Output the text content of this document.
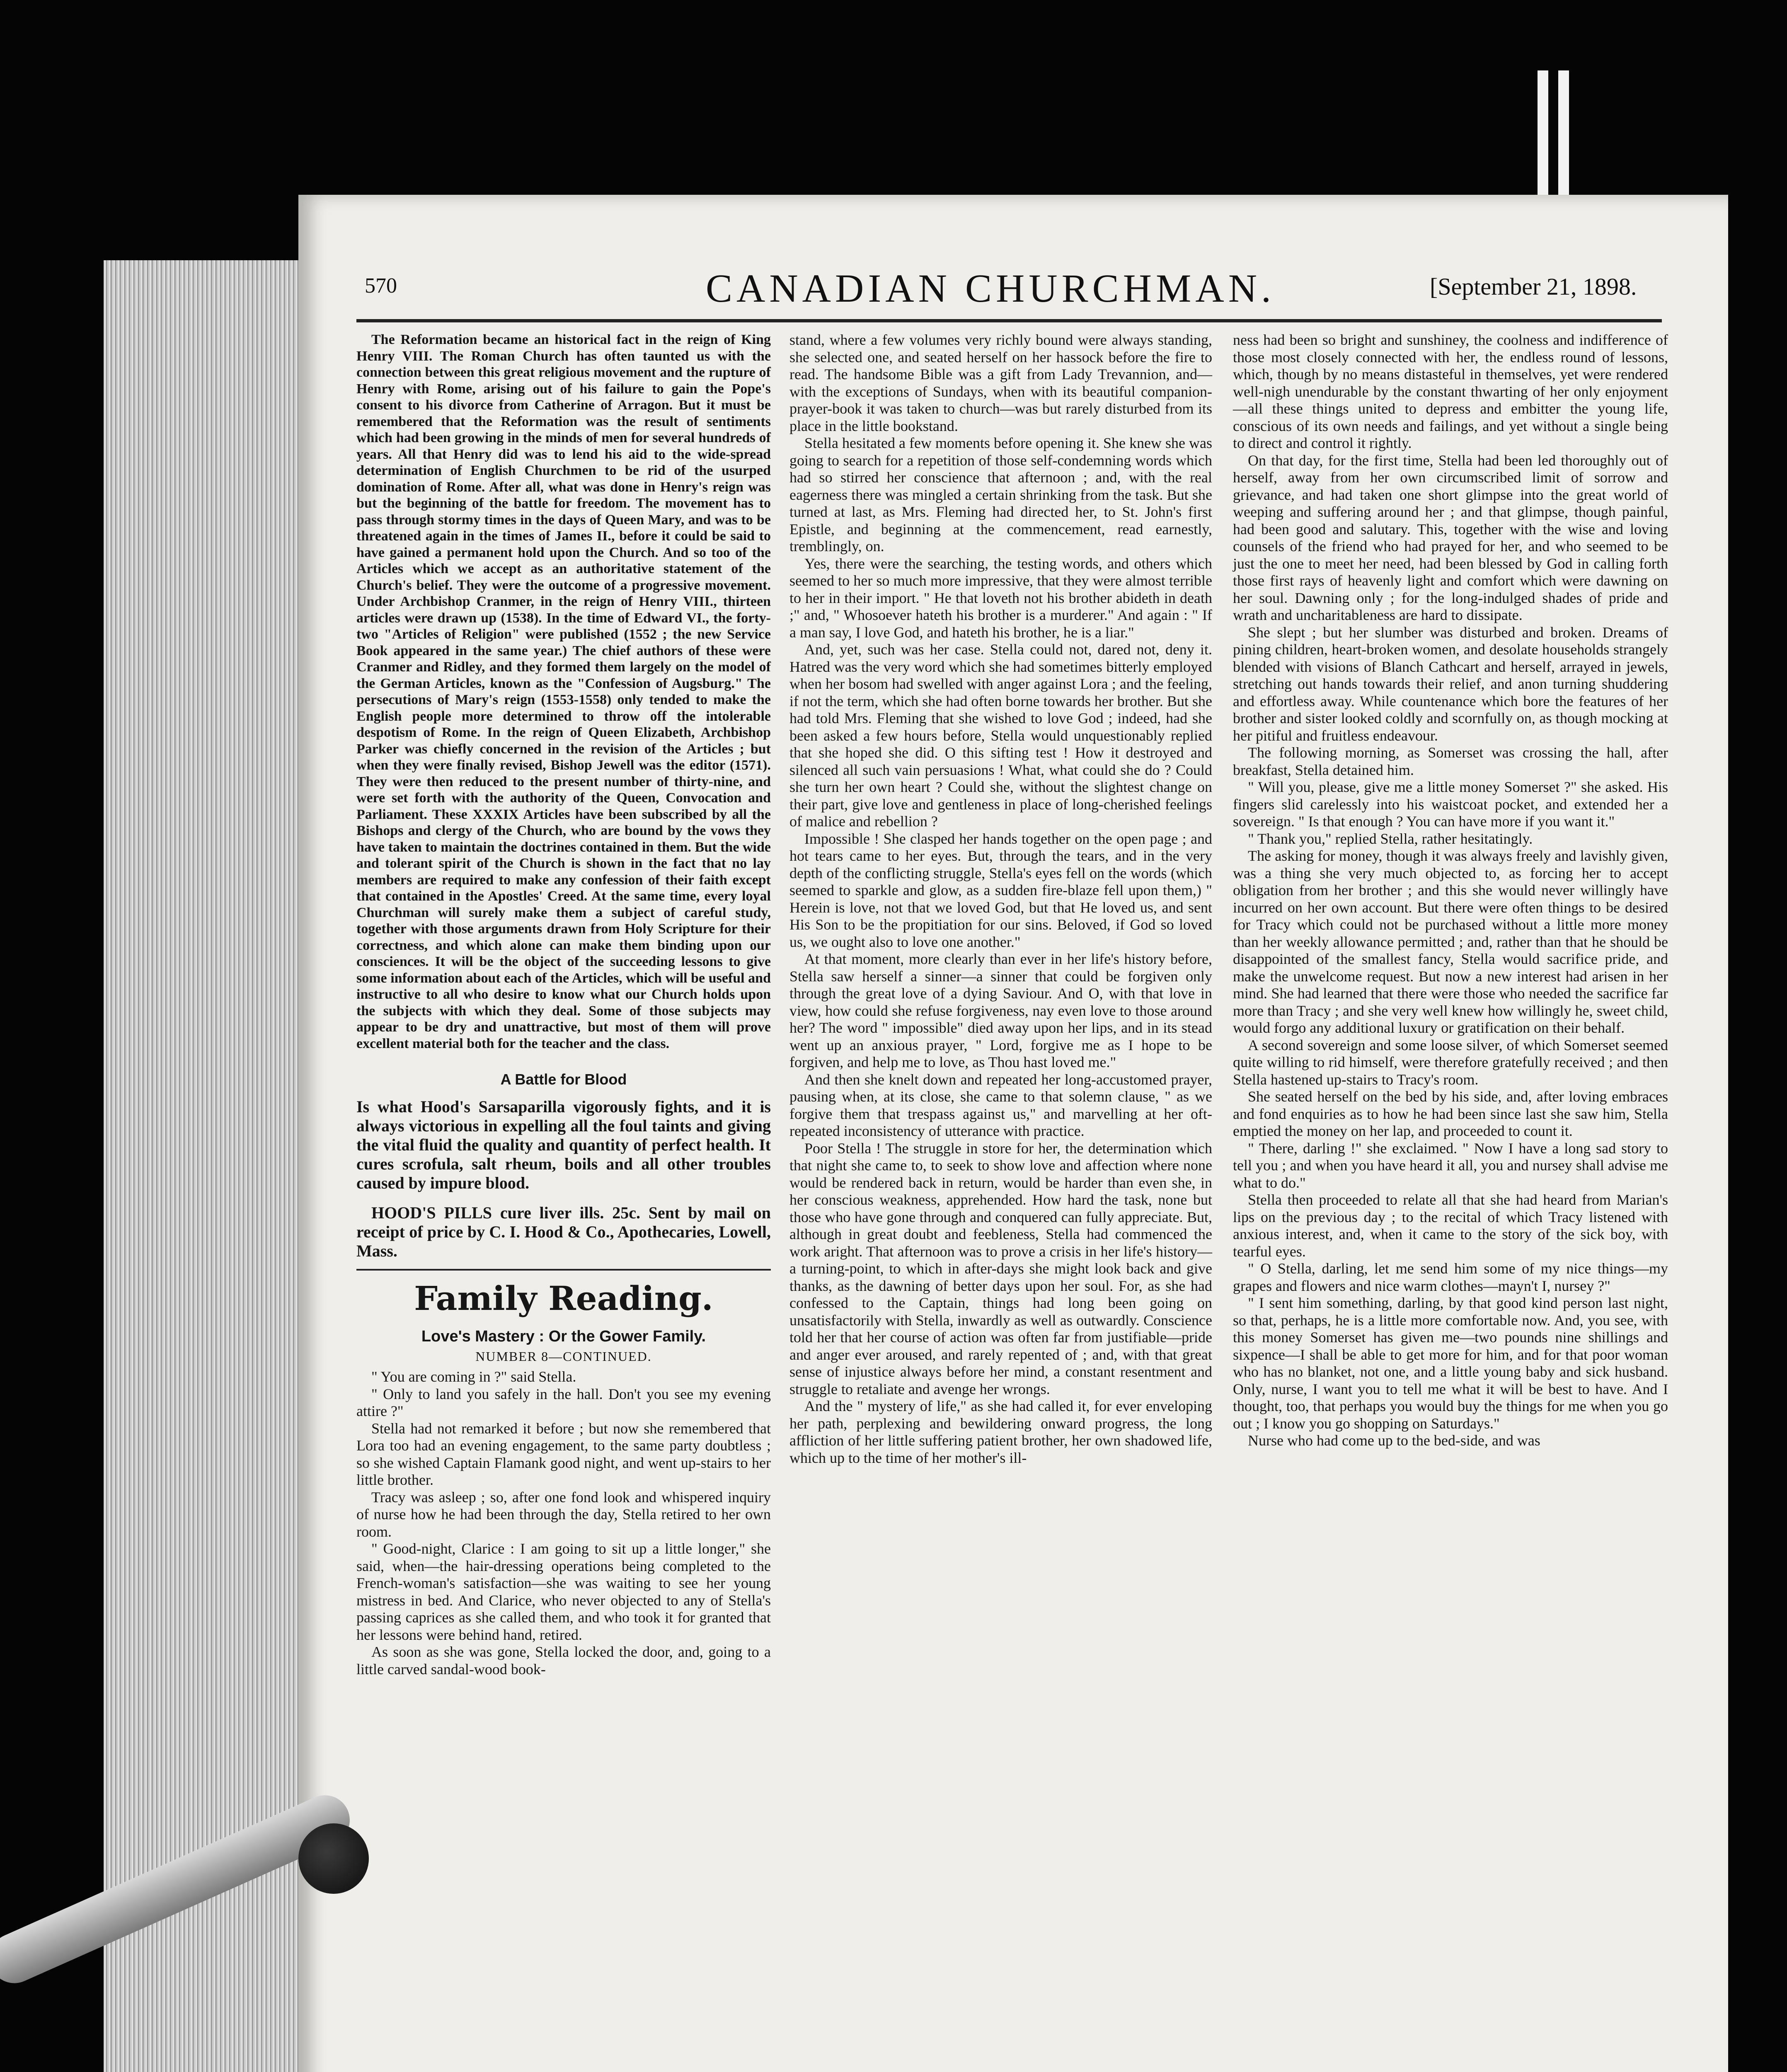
570	CANADIAN CHURCHMAN.	[September 21, 1898.

The Reformation became an historical fact in the reign of King Henry VIII. The Roman Church has often taunted us with the connection between this great religious movement and the rupture of Henry with Rome, arising out of his failure to gain the Pope's consent to his divorce from Catherine of Arragon. But it must be remembered that the Reformation was the result of sentiments which had been growing in the minds of men for several hundreds of years. All that Henry did was to lend his aid to the wide-spread determination of English Churchmen to be rid of the usurped domination of Rome. After all, what was done in Henry's reign was but the beginning of the battle for freedom. The movement has to pass through stormy times in the days of Queen Mary, and was to be threatened again in the times of James II., before it could be said to have gained a permanent hold upon the Church. And so too of the Articles which we accept as an authoritative statement of the Church's belief. They were the outcome of a progressive movement. Under Archbishop Cranmer, in the reign of Henry VIII., thirteen articles were drawn up (1538). In the time of Edward VI., the forty-two "Articles of Religion" were published (1552 ; the new Service Book appeared in the same year.) The chief authors of these were Cranmer and Ridley, and they formed them largely on the model of the German Articles, known as the "Confession of Augsburg." The persecutions of Mary's reign (1553-1558) only tended to make the English people more determined to throw off the intolerable despotism of Rome. In the reign of Queen Elizabeth, Archbishop Parker was chiefly concerned in the revision of the Articles ; but when they were finally revised, Bishop Jewell was the editor (1571). They were then reduced to the present number of thirty-nine, and were set forth with the authority of the Queen, Convocation and Parliament. These XXXIX Articles have been subscribed by all the Bishops and clergy of the Church, who are bound by the vows they have taken to maintain the doctrines contained in them. But the wide and tolerant spirit of the Church is shown in the fact that no lay members are required to make any confession of their faith except that contained in the Apostles' Creed. At the same time, every loyal Churchman will surely make them a subject of careful study, together with those arguments drawn from Holy Scripture for their correctness, and which alone can make them binding upon our consciences. It will be the object of the succeeding lessons to give some information about each of the Articles, which will be useful and instructive to all who desire to know what our Church holds upon the subjects with which they deal. Some of those subjects may appear to be dry and unattractive, but most of them will prove excellent material both for the teacher and the class.

A Battle for Blood

Is what Hood's Sarsaparilla vigorously fights, and it is always victorious in expelling all the foul taints and giving the vital fluid the quality and quantity of perfect health. It cures scrofula, salt rheum, boils and all other troubles caused by impure blood.

HOOD'S PILLS cure liver ills. 25c. Sent by mail on receipt of price by C. I. Hood & Co., Apothecaries, Lowell, Mass.

Family Reading.
Love's Mastery : Or the Gower Family.
NUMBER 8—CONTINUED.

" You are coming in ?" said Stella.

" Only to land you safely in the hall. Don't you see my evening attire ?"

Stella had not remarked it before ; but now she remembered that Lora too had an evening engagement, to the same party doubtless ; so she wished Captain Flamank good night, and went up-stairs to her little brother.

Tracy was asleep ; so, after one fond look and whispered inquiry of nurse how he had been through the day, Stella retired to her own room.

" Good-night, Clarice : I am going to sit up a little longer," she said, when—the hair-dressing operations being completed to the French-woman's satisfaction—she was waiting to see her young mistress in bed. And Clarice, who never objected to any of Stella's passing caprices as she called them, and who took it for granted that her lessons were behind hand, retired.

As soon as she was gone, Stella locked the door, and, going to a little carved sandal-wood book-

stand, where a few volumes very richly bound were always standing, she selected one, and seated herself on her hassock before the fire to read. The handsome Bible was a gift from Lady Trevannion, and—with the exceptions of Sundays, when with its beautiful companion-prayer-book it was taken to church—was but rarely disturbed from its place in the little bookstand.

Stella hesitated a few moments before opening it. She knew she was going to search for a repetition of those self-condemning words which had so stirred her conscience that afternoon ; and, with the real eagerness there was mingled a certain shrinking from the task. But she turned at last, as Mrs. Fleming had directed her, to St. John's first Epistle, and beginning at the commencement, read earnestly, tremblingly, on.

Yes, there were the searching, the testing words, and others which seemed to her so much more impressive, that they were almost terrible to her in their import. " He that loveth not his brother abideth in death ;" and, " Whosoever hateth his brother is a murderer." And again : " If a man say, I love God, and hateth his brother, he is a liar."

And, yet, such was her case. Stella could not, dared not, deny it. Hatred was the very word which she had sometimes bitterly employed when her bosom had swelled with anger against Lora ; and the feeling, if not the term, which she had often borne towards her brother. But she had told Mrs. Fleming that she wished to love God ; indeed, had she been asked a few hours before, Stella would unquestionably replied that she hoped she did. O this sifting test ! How it destroyed and silenced all such vain persuasions ! What, what could she do ? Could she turn her own heart ? Could she, without the slightest change on their part, give love and gentleness in place of long-cherished feelings of malice and rebellion ?

Impossible ! She clasped her hands together on the open page ; and hot tears came to her eyes. But, through the tears, and in the very depth of the conflicting struggle, Stella's eyes fell on the words (which seemed to sparkle and glow, as a sudden fire-blaze fell upon them,) " Herein is love, not that we loved God, but that He loved us, and sent His Son to be the propitiation for our sins. Beloved, if God so loved us, we ought also to love one another."

At that moment, more clearly than ever in her life's history before, Stella saw herself a sinner—a sinner that could be forgiven only through the great love of a dying Saviour. And O, with that love in view, how could she refuse forgiveness, nay even love to those around her? The word " impossible" died away upon her lips, and in its stead went up an anxious prayer, " Lord, forgive me as I hope to be forgiven, and help me to love, as Thou hast loved me."

And then she knelt down and repeated her long-accustomed prayer, pausing when, at its close, she came to that solemn clause, " as we forgive them that trespass against us," and marvelling at her oft-repeated inconsistency of utterance with practice.

Poor Stella ! The struggle in store for her, the determination which that night she came to, to seek to show love and affection where none would be rendered back in return, would be harder than even she, in her conscious weakness, apprehended. How hard the task, none but those who have gone through and conquered can fully appreciate. But, although in great doubt and feebleness, Stella had commenced the work aright. That afternoon was to prove a crisis in her life's history—a turning-point, to which in after-days she might look back and give thanks, as the dawning of better days upon her soul. For, as she had confessed to the Captain, things had long been going on unsatisfactorily with Stella, inwardly as well as outwardly. Conscience told her that her course of action was often far from justifiable—pride and anger ever aroused, and rarely repented of ; and, with that great sense of injustice always before her mind, a constant resentment and struggle to retaliate and avenge her wrongs.

And the " mystery of life," as she had called it, for ever enveloping her path, perplexing and bewildering onward progress, the long affliction of her little suffering patient brother, her own shadowed life, which up to the time of her mother's ill-

ness had been so bright and sunshiney, the coolness and indifference of those most closely connected with her, the endless round of lessons, which, though by no means distasteful in themselves, yet were rendered well-nigh unendurable by the constant thwarting of her only enjoyment—all these things united to depress and embitter the young life, conscious of its own needs and failings, and yet without a single being to direct and control it rightly.

On that day, for the first time, Stella had been led thoroughly out of herself, away from her own circumscribed limit of sorrow and grievance, and had taken one short glimpse into the great world of weeping and suffering around her ; and that glimpse, though painful, had been good and salutary. This, together with the wise and loving counsels of the friend who had prayed for her, and who seemed to be just the one to meet her need, had been blessed by God in calling forth those first rays of heavenly light and comfort which were dawning on her soul. Dawning only ; for the long-indulged shades of pride and wrath and uncharitableness are hard to dissipate.

She slept ; but her slumber was disturbed and broken. Dreams of pining children, heart-broken women, and desolate households strangely blended with visions of Blanch Cathcart and herself, arrayed in jewels, stretching out hands towards their relief, and anon turning shuddering and effortless away. While countenance which bore the features of her brother and sister looked coldly and scornfully on, as though mocking at her pitiful and fruitless endeavour.

The following morning, as Somerset was crossing the hall, after breakfast, Stella detained him.

" Will you, please, give me a little money Somerset ?" she asked. His fingers slid carelessly into his waistcoat pocket, and extended her a sovereign. " Is that enough ? You can have more if you want it."

" Thank you," replied Stella, rather hesitatingly.

The asking for money, though it was always freely and lavishly given, was a thing she very much objected to, as forcing her to accept obligation from her brother ; and this she would never willingly have incurred on her own account. But there were often things to be desired for Tracy which could not be purchased without a little more money than her weekly allowance permitted ; and, rather than that he should be disappointed of the smallest fancy, Stella would sacrifice pride, and make the unwelcome request. But now a new interest had arisen in her mind. She had learned that there were those who needed the sacrifice far more than Tracy ; and she very well knew how willingly he, sweet child, would forgo any additional luxury or gratification on their behalf.

A second sovereign and some loose silver, of which Somerset seemed quite willing to rid himself, were therefore gratefully received ; and then Stella hastened up-stairs to Tracy's room.

She seated herself on the bed by his side, and, after loving embraces and fond enquiries as to how he had been since last she saw him, Stella emptied the money on her lap, and proceeded to count it.

" There, darling !" she exclaimed. " Now I have a long sad story to tell you ; and when you have heard it all, you and nursey shall advise me what to do."

Stella then proceeded to relate all that she had heard from Marian's lips on the previous day ; to the recital of which Tracy listened with anxious interest, and, when it came to the story of the sick boy, with tearful eyes.

" O Stella, darling, let me send him some of my nice things—my grapes and flowers and nice warm clothes—mayn't I, nursey ?"

" I sent him something, darling, by that good kind person last night, so that, perhaps, he is a little more comfortable now. And, you see, with this money Somerset has given me—two pounds nine shillings and sixpence—I shall be able to get more for him, and for that poor woman who has no blanket, not one, and a little young baby and sick husband. Only, nurse, I want you to tell me what it will be best to have. And I thought, too, that perhaps you would buy the things for me when you go out ; I know you go shopping on Saturdays."

Nurse who had come up to the bed-side, and was
